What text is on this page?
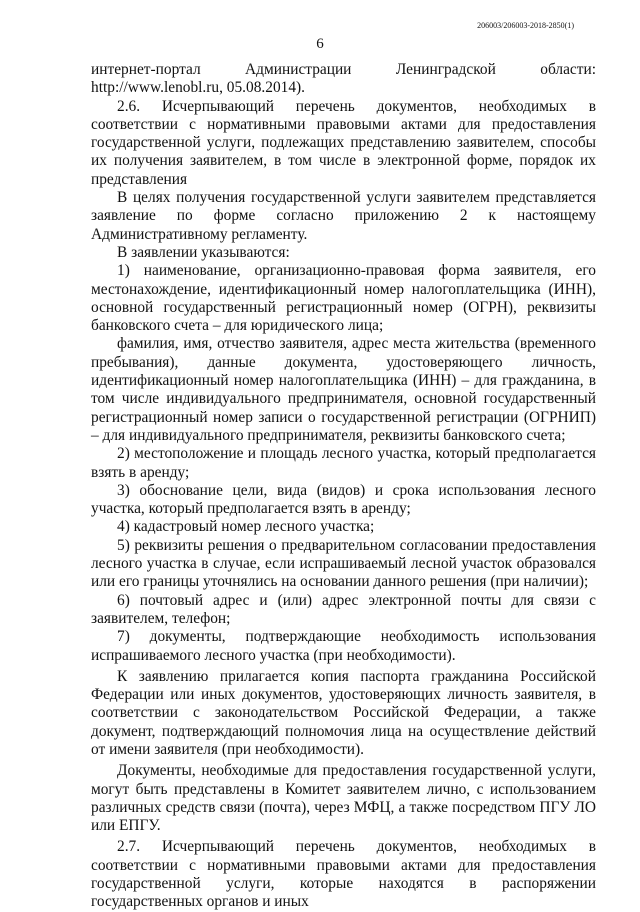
206003/206003-2018-2850(1)
6

интернет-портал Администрации Ленинградской области: http://www.lenobl.ru, 05.08.2014).

2.6. Исчерпывающий перечень документов, необходимых в соответствии с нормативными правовыми актами для предоставления государственной услуги, подлежащих представлению заявителем, способы их получения заявителем, в том числе в электронной форме, порядок их представления

В целях получения государственной услуги заявителем представляется заявление по форме согласно приложению 2 к настоящему Административному регламенту.

В заявлении указываются:

1) наименование, организационно-правовая форма заявителя, его местонахождение, идентификационный номер налогоплательщика (ИНН), основной государственный регистрационный номер (ОГРН), реквизиты банковского счета – для юридического лица;

фамилия, имя, отчество заявителя, адрес места жительства (временного пребывания), данные документа, удостоверяющего личность, идентификационный номер налогоплательщика (ИНН) – для гражданина, в том числе индивидуального предпринимателя, основной государственный регистрационный номер записи о государственной регистрации (ОГРНИП) – для индивидуального предпринимателя, реквизиты банковского счета;

2) местоположение и площадь лесного участка, который предполагается взять в аренду;

3) обоснование цели, вида (видов) и срока использования лесного участка, который предполагается взять в аренду;

4) кадастровый номер лесного участка;

5) реквизиты решения о предварительном согласовании предоставления лесного участка в случае, если испрашиваемый лесной участок образовался или его границы уточнялись на основании данного решения (при наличии);

6) почтовый адрес и (или) адрес электронной почты для связи с заявителем, телефон;

7) документы, подтверждающие необходимость использования испрашиваемого лесного участка (при необходимости).

К заявлению прилагается копия паспорта гражданина Российской Федерации или иных документов, удостоверяющих личность заявителя, в соответствии с законодательством Российской Федерации, а также документ, подтверждающий полномочия лица на осуществление действий от имени заявителя (при необходимости).

Документы, необходимые для предоставления государственной услуги, могут быть представлены в Комитет заявителем лично, с использованием различных средств связи (почта), через МФЦ, а также посредством ПГУ ЛО или ЕПГУ.

2.7. Исчерпывающий перечень документов, необходимых в соответствии с нормативными правовыми актами для предоставления государственной услуги, которые находятся в распоряжении государственных органов и иных
